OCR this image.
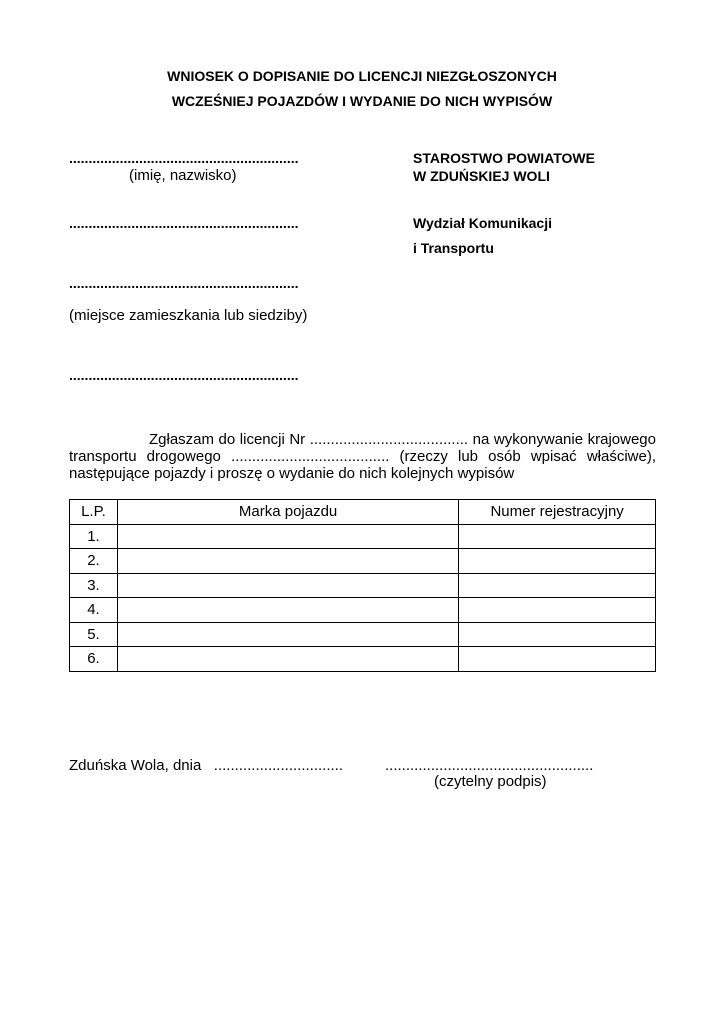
WNIOSEK O DOPISANIE DO LICENCJI NIEZGŁOSZONYCH
WCZEŚNIEJ POJAZDÓW I WYDANIE DO NICH WYPISÓW
...........................................................
(imię, nazwisko)
...........................................................
...........................................................
(miejsce zamieszkania lub siedziby)
...........................................................
STAROSTWO POWIATOWE
W ZDUŃSKIEJ WOLI
Wydział Komunikacji
i Transportu
Zgłaszam do licencji Nr ...................................... na wykonywanie krajowego
transportu drogowego ...................................... (rzeczy lub osób wpisać właściwe),
następujące pojazdy i proszę o wydanie do nich kolejnych wypisów
L.P.	Marka pojazdu	Numer rejestracyjny
1.		
2.		
3.		
4.		
5.		
6.		
Zduńska Wola, dnia   ...............................	..................................................
(czytelny podpis)
